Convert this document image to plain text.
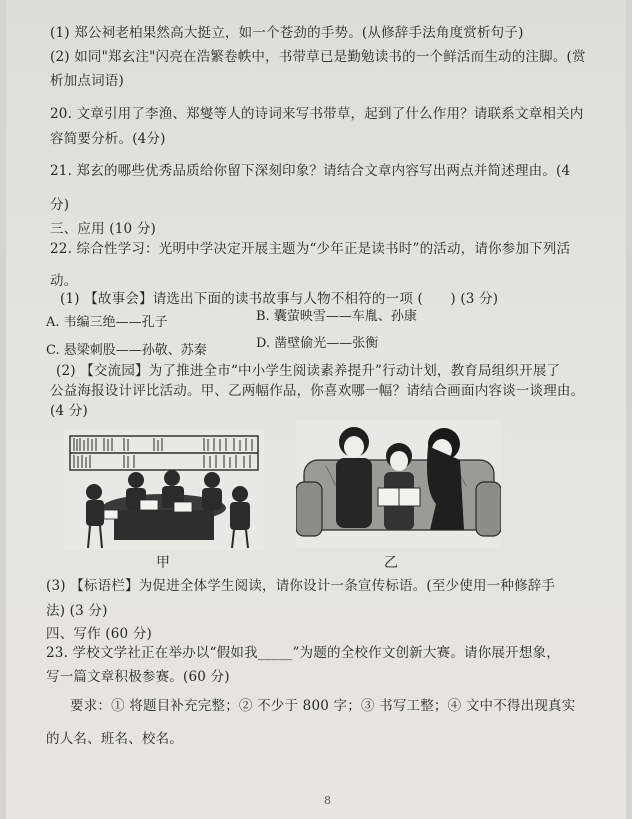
(1) 郑公祠老柏果然高大挺立，如一个苍劲的手势。(从修辞手法角度赏析句子)
(2) 如同"郑玄注"闪亮在浩繁卷帙中，书带草已是勤勉读书的一个鲜活而生动的注脚。(赏
析加点词语)
20. 文章引用了李渔、郑燮等人的诗词来写书带草，起到了什么作用？请联系文章相关内
容简要分析。(4分)
21. 郑玄的哪些优秀品质给你留下深刻印象？请结合文章内容写出两点并简述理由。(4
分)
三、应用 (10 分)
22. 综合性学习：光明中学决定开展主题为“少年正是读书时”的活动，请你参加下列活
动。
(1) 【故事会】请选出下面的读书故事与人物不相符的一项 (　　) (3 分)
A. 韦编三绝——孔子	B. 囊萤映雪——车胤、孙康
C. 悬梁刺股——孙敬、苏秦	D. 凿壁偷光——张衡
(2) 【交流园】为了推进全市“中小学生阅读素养提升”行动计划，教育局组织开展了
公益海报设计评比活动。甲、乙两幅作品，你喜欢哪一幅？请结合画面内容谈一谈理由。
(4 分)
甲	乙
(3) 【标语栏】为促进全体学生阅读，请你设计一条宣传标语。(至少使用一种修辞手
法) (3 分)
四、写作 (60 分)
23. 学校文学社正在举办以“假如我_____”为题的全校作文创新大赛。请你展开想象，
写一篇文章积极参赛。(60 分)
要求：① 将题目补充完整；② 不少于 800 字；③ 书写工整；④ 文中不得出现真实
的人名、班名、校名。
8
